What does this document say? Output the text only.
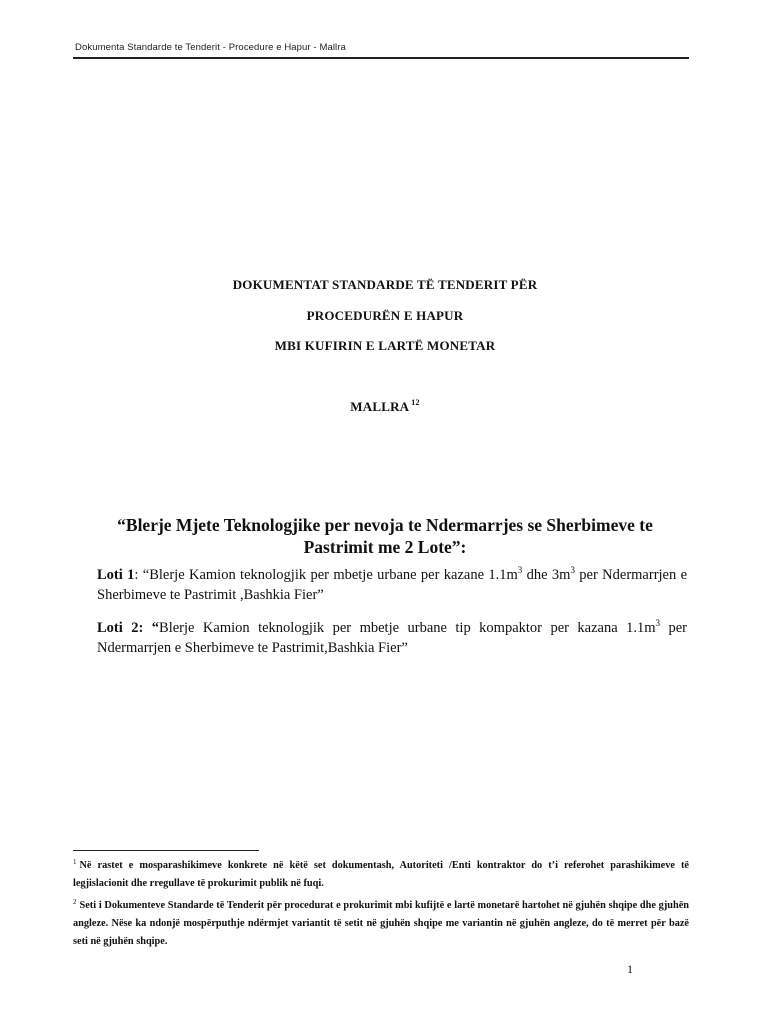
Dokumenta Standarde te Tenderit - Procedure e Hapur - Mallra
DOKUMENTAT STANDARDE TË TENDERIT PËR
PROCEDURËN E HAPUR
MBI KUFIRIN E LARTË MONETAR
MALLRA $^{12}$
“Blerje Mjete Teknologjike per nevoja te Ndermarrjes se Sherbimeve te Pastrimit me 2 Lote”:
Loti 1: “Blerje Kamion teknologjik per mbetje urbane per kazane $1.1m^3$ dhe $3m^3$ per Ndermarrjen e Sherbimeve te Pastrimit ,Bashkia Fier”
Loti 2: “Blerje Kamion teknologjik per mbetje urbane tip kompaktor per kazana $1.1m^3$ per Ndermarrjen e Sherbimeve te Pastrimit,Bashkia Fier”
$^1$ Në rastet e mosparashikimeve konkrete në këtë set dokumentash, Autoriteti /Enti kontraktor do t’i referohet parashikimeve të legjislacionit dhe rregullave të prokurimit publik në fuqi.
$^2$ Seti i Dokumenteve Standarde të Tenderit për procedurat e prokurimit mbi kufijtë e lartë monetarë hartohet në gjuhën shqipe dhe gjuhën angleze. Nëse ka ndonjë mospërputhje ndërmjet variantit të setit në gjuhën shqipe me variantin në gjuhën angleze, do të merret për bazë seti në gjuhën shqipe.
1
